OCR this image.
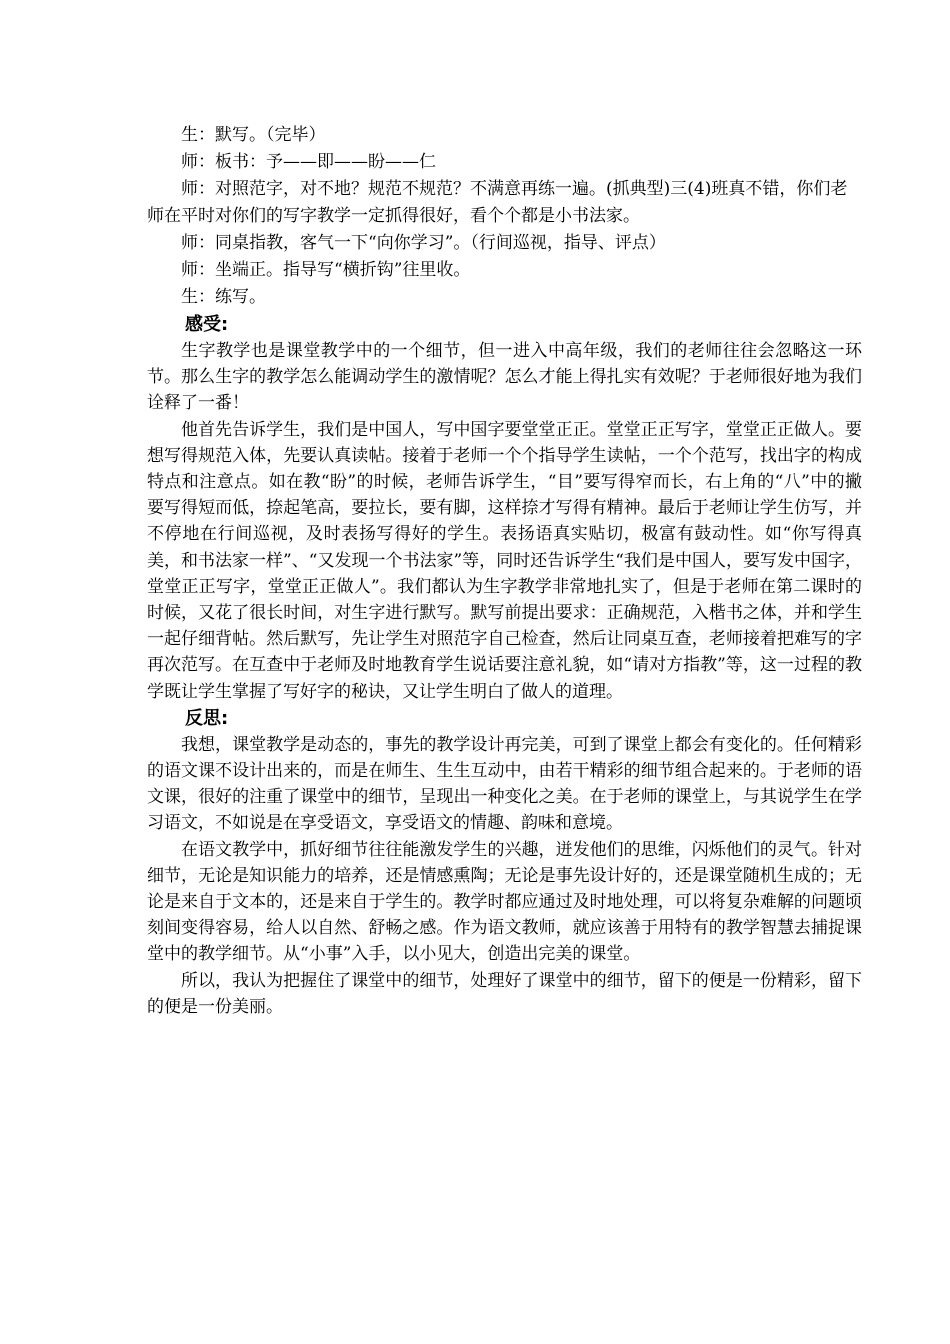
生：默写。（完毕）

师：板书：予——即——盼——仁

师：对照范字，对不地？规范不规范？不满意再练一遍。(抓典型)三(4)班真不错，你们老师在平时对你们的写字教学一定抓得很好，看个个都是小书法家。

师：同桌指教，客气一下“向你学习”。（行间巡视，指导、评点）

师：坐端正。指导写“横折钩”往里收。

生：练写。

感受:

生字教学也是课堂教学中的一个细节，但一进入中高年级，我们的老师往往会忽略这一环节。那么生字的教学怎么能调动学生的激情呢？怎么才能上得扎实有效呢？于老师很好地为我们诠释了一番！

他首先告诉学生，我们是中国人，写中国字要堂堂正正。堂堂正正写字，堂堂正正做人。要想写得规范入体，先要认真读帖。接着于老师一个个指导学生读帖，一个个范写，找出字的构成特点和注意点。如在教“盼”的时候，老师告诉学生，“目”要写得窄而长，右上角的“八”中的撇要写得短而低，捺起笔高，要拉长，要有脚，这样捺才写得有精神。最后于老师让学生仿写，并不停地在行间巡视，及时表扬写得好的学生。表扬语真实贴切，极富有鼓动性。如“你写得真美，和书法家一样”、“又发现一个书法家”等，同时还告诉学生“我们是中国人，要写发中国字，堂堂正正写字，堂堂正正做人”。我们都认为生字教学非常地扎实了，但是于老师在第二课时的时候，又花了很长时间，对生字进行默写。默写前提出要求：正确规范，入楷书之体，并和学生一起仔细背帖。然后默写，先让学生对照范字自己检查，然后让同桌互查，老师接着把难写的字再次范写。在互查中于老师及时地教育学生说话要注意礼貌，如“请对方指教”等，这一过程的教学既让学生掌握了写好字的秘诀，又让学生明白了做人的道理。

反思:

我想，课堂教学是动态的，事先的教学设计再完美，可到了课堂上都会有变化的。任何精彩的语文课不设计出来的，而是在师生、生生互动中，由若干精彩的细节组合起来的。于老师的语文课，很好的注重了课堂中的细节，呈现出一种变化之美。在于老师的课堂上，与其说学生在学习语文，不如说是在享受语文，享受语文的情趣、韵味和意境。

在语文教学中，抓好细节往往能激发学生的兴趣，迸发他们的思维，闪烁他们的灵气。针对细节，无论是知识能力的培养，还是情感熏陶；无论是事先设计好的，还是课堂随机生成的；无论是来自于文本的，还是来自于学生的。教学时都应通过及时地处理，可以将复杂难解的问题顷刻间变得容易，给人以自然、舒畅之感。作为语文教师，就应该善于用特有的教学智慧去捕捉课堂中的教学细节。从“小事”入手，以小见大，创造出完美的课堂。

所以，我认为把握住了课堂中的细节，处理好了课堂中的细节，留下的便是一份精彩，留下的便是一份美丽。
